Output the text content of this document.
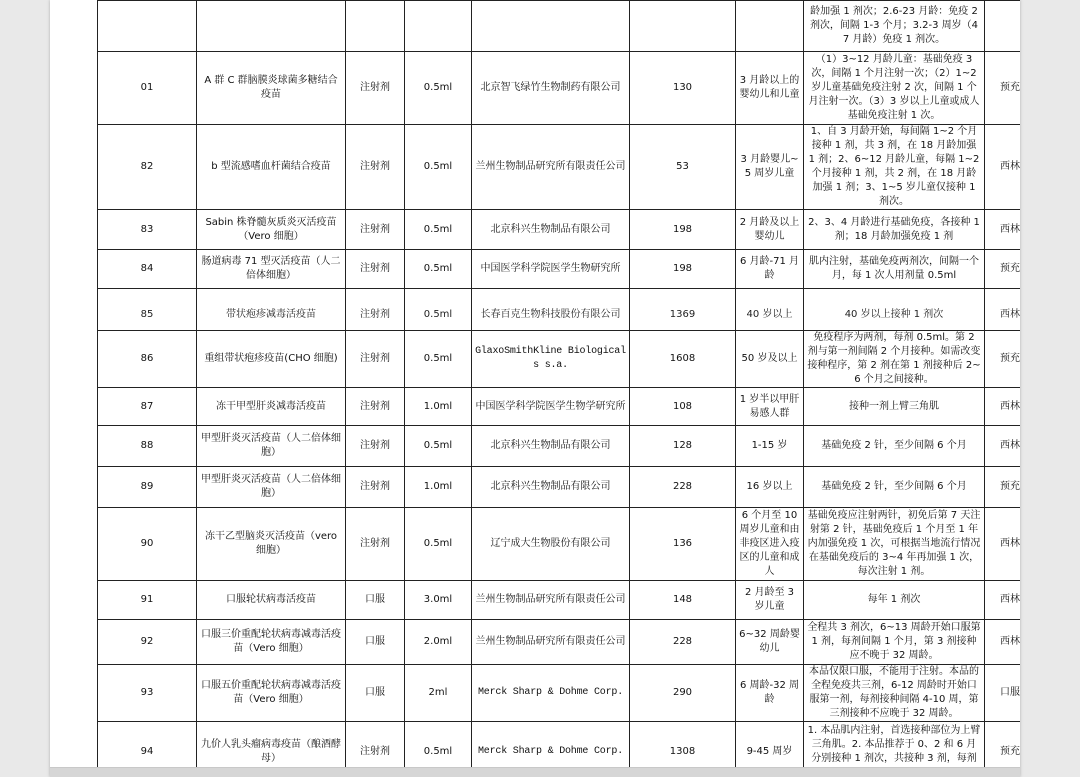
							龄加强 1 剂次；2.6-23 月龄：免疫 2 剂次，间隔 1-3 个月；3.2-3 周岁（47 月龄）免疫 1 剂次。	
01	A 群 C 群脑膜炎球菌多糖结合疫苗	注射剂	0.5ml	北京智飞绿竹生物制药有限公司	130	3 月龄以上的婴幼儿和儿童	（1）3~12 月龄儿童：基础免疫 3 次，间隔 1 个月注射一次；（2）1~2 岁儿童基础免疫注射 2 次，间隔 1 个月注射一次。（3）3 岁以上儿童或成人基础免疫注射 1 次。	预充
82	b 型流感嗜血杆菌结合疫苗	注射剂	0.5ml	兰州生物制品研究所有限责任公司	53	3 月龄婴儿~5 周岁儿童	1、自 3 月龄开始，每间隔 1~2 个月接种 1 剂，共 3 剂，在 18 月龄加强 1 剂；2、6~12 月龄儿童，每隔 1~2 个月接种 1 剂，共 2 剂，在 18 月龄加强 1 剂；3、1~5 岁儿童仅接种 1 剂次。	西林
83	Sabin 株脊髓灰质炎灭活疫苗（Vero 细胞）	注射剂	0.5ml	北京科兴生物制品有限公司	198	2 月龄及以上婴幼儿	2、3、4 月龄进行基础免疫，各接种 1 剂；18 月龄加强免疫 1 剂	西林
84	肠道病毒 71 型灭活疫苗（人二倍体细胞）	注射剂	0.5ml	中国医学科学院医学生物研究所	198	6 月龄-71 月龄	肌内注射，基础免疫两剂次，间隔一个月，每 1 次人用剂量 0.5ml	预充

85	带状疱疹减毒活疫苗	注射剂	0.5ml	长春百克生物科技股份有限公司	1369	40 岁以上	40 岁以上接种 1 剂次	西林

86	重组带状疱疹疫苗(CHO 细胞)	注射剂	0.5ml	GlaxoSmithKline Biologicals s.a.	1608	50 岁及以上	免疫程序为两剂，每剂 0.5ml。第 2 剂与第一剂间隔 2 个月接种。如需改变接种程序，第 2 剂在第 1 剂接种后 2~6 个月之间接种。	预充
87	冻干甲型肝炎减毒活疫苗	注射剂	1.0ml	中国医学科学院医学生物学研究所	108	1 岁半以甲肝易感人群	接种一剂上臂三角肌	西林
88	甲型肝炎灭活疫苗（人二倍体细胞）	注射剂	0.5ml	北京科兴生物制品有限公司	128	1-15 岁	基础免疫 2 针，至少间隔 6 个月	西林
89	甲型肝炎灭活疫苗（人二倍体细胞）	注射剂	1.0ml	北京科兴生物制品有限公司	228	16 岁以上	基础免疫 2 针，至少间隔 6 个月	预充
90	冻干乙型脑炎灭活疫苗（vero 细胞）	注射剂	0.5ml	辽宁成大生物股份有限公司	136	6 个月至 10 周岁儿童和由非疫区进入疫区的儿童和成人	基础免疫应注射两针，初免后第 7 天注射第 2 针，基础免疫后 1 个月至 1 年内加强免疫 1 次，可根据当地流行情况在基础免疫后的 3~4 年再加强 1 次，每次注射 1 剂。	西林
91	口服轮状病毒活疫苗	口服	3.0ml	兰州生物制品研究所有限责任公司	148	2 月龄至 3 岁儿童	每年 1 剂次	西林
92	口服三价重配轮状病毒减毒活疫苗（Vero 细胞）	口服	2.0ml	兰州生物制品研究所有限责任公司	228	6~32 周龄婴幼儿	全程共 3 剂次，6~13 周龄开始口服第 1 剂，每剂间隔 1 个月，第 3 剂接种应不晚于 32 周龄。	西林
93	口服五价重配轮状病毒减毒活疫苗（Vero 细胞）	口服	2ml	Merck Sharp & Dohme Corp.	290	6 周龄-32 周龄	本品仅限口服，不能用于注射。本品的全程免疫共三剂，6-12 周龄时开始口服第一剂，每剂接种间隔 4-10 周，第三剂接种不应晚于 32 周龄。	口服
94	九价人乳头瘤病毒疫苗（酿酒酵母）	注射剂	0.5ml	Merck Sharp & Dohme Corp.	1308	9-45 周岁	1. 本品肌内注射，首选接种部位为上臂三角肌。2. 本品推荐于 0、2 和 6 月分别接种 1 剂次，共接种 3 剂，每剂	预充
